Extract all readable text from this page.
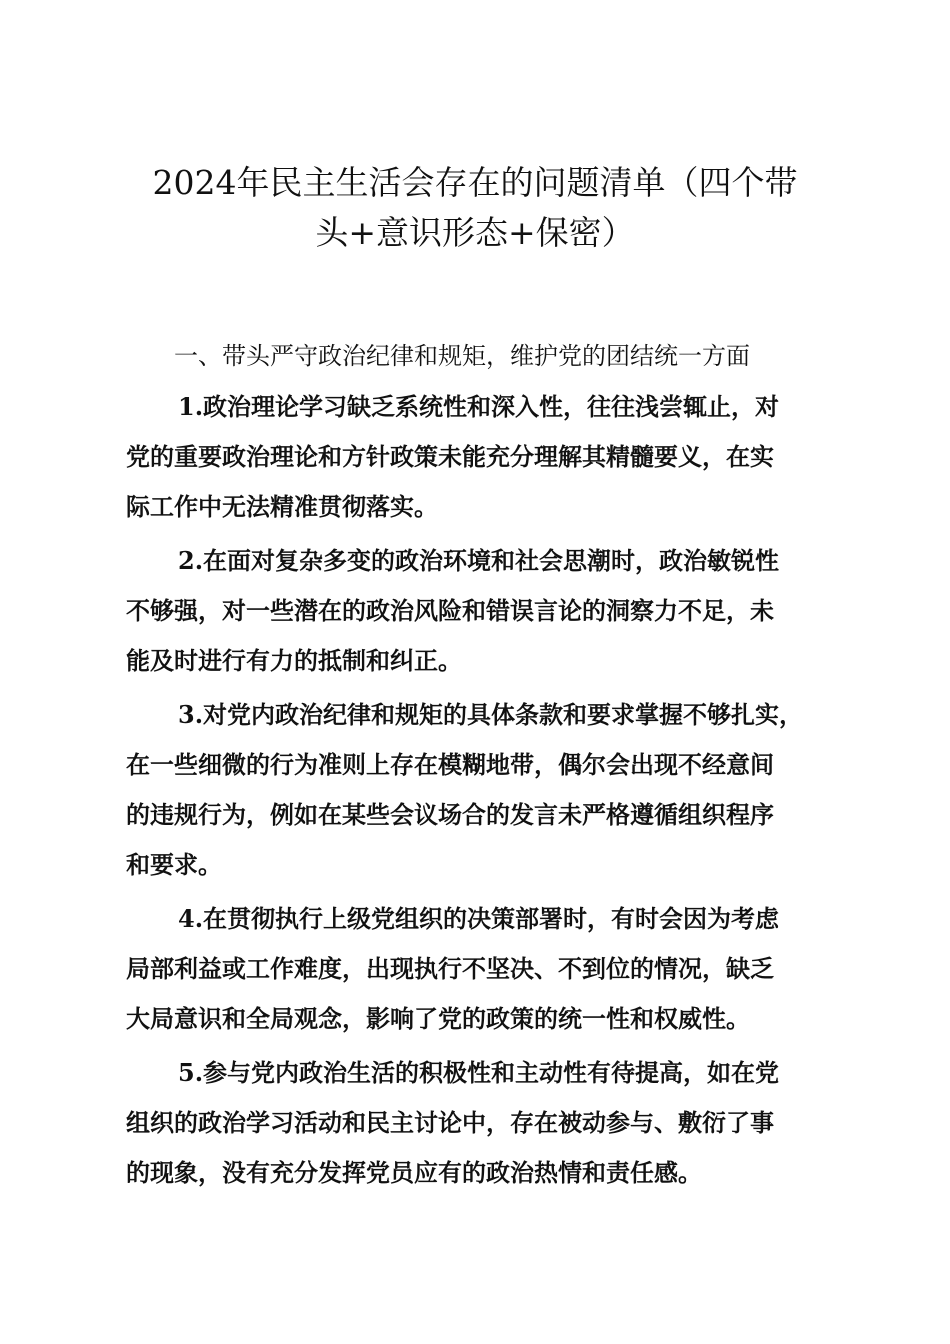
2024年民主生活会存在的问题清单（四个带
头+意识形态+保密）

一、带头严守政治纪律和规矩，维护党的团结统一方面

1.政治理论学习缺乏系统性和深入性，往往浅尝辄止，对
党的重要政治理论和方针政策未能充分理解其精髓要义，在实
际工作中无法精准贯彻落实。

2.在面对复杂多变的政治环境和社会思潮时，政治敏锐性
不够强，对一些潜在的政治风险和错误言论的洞察力不足，未
能及时进行有力的抵制和纠正。

3.对党内政治纪律和规矩的具体条款和要求掌握不够扎实，
在一些细微的行为准则上存在模糊地带，偶尔会出现不经意间
的违规行为，例如在某些会议场合的发言未严格遵循组织程序
和要求。

4.在贯彻执行上级党组织的决策部署时，有时会因为考虑
局部利益或工作难度，出现执行不坚决、不到位的情况，缺乏
大局意识和全局观念，影响了党的政策的统一性和权威性。

5.参与党内政治生活的积极性和主动性有待提高，如在党
组织的政治学习活动和民主讨论中，存在被动参与、敷衍了事
的现象，没有充分发挥党员应有的政治热情和责任感。
